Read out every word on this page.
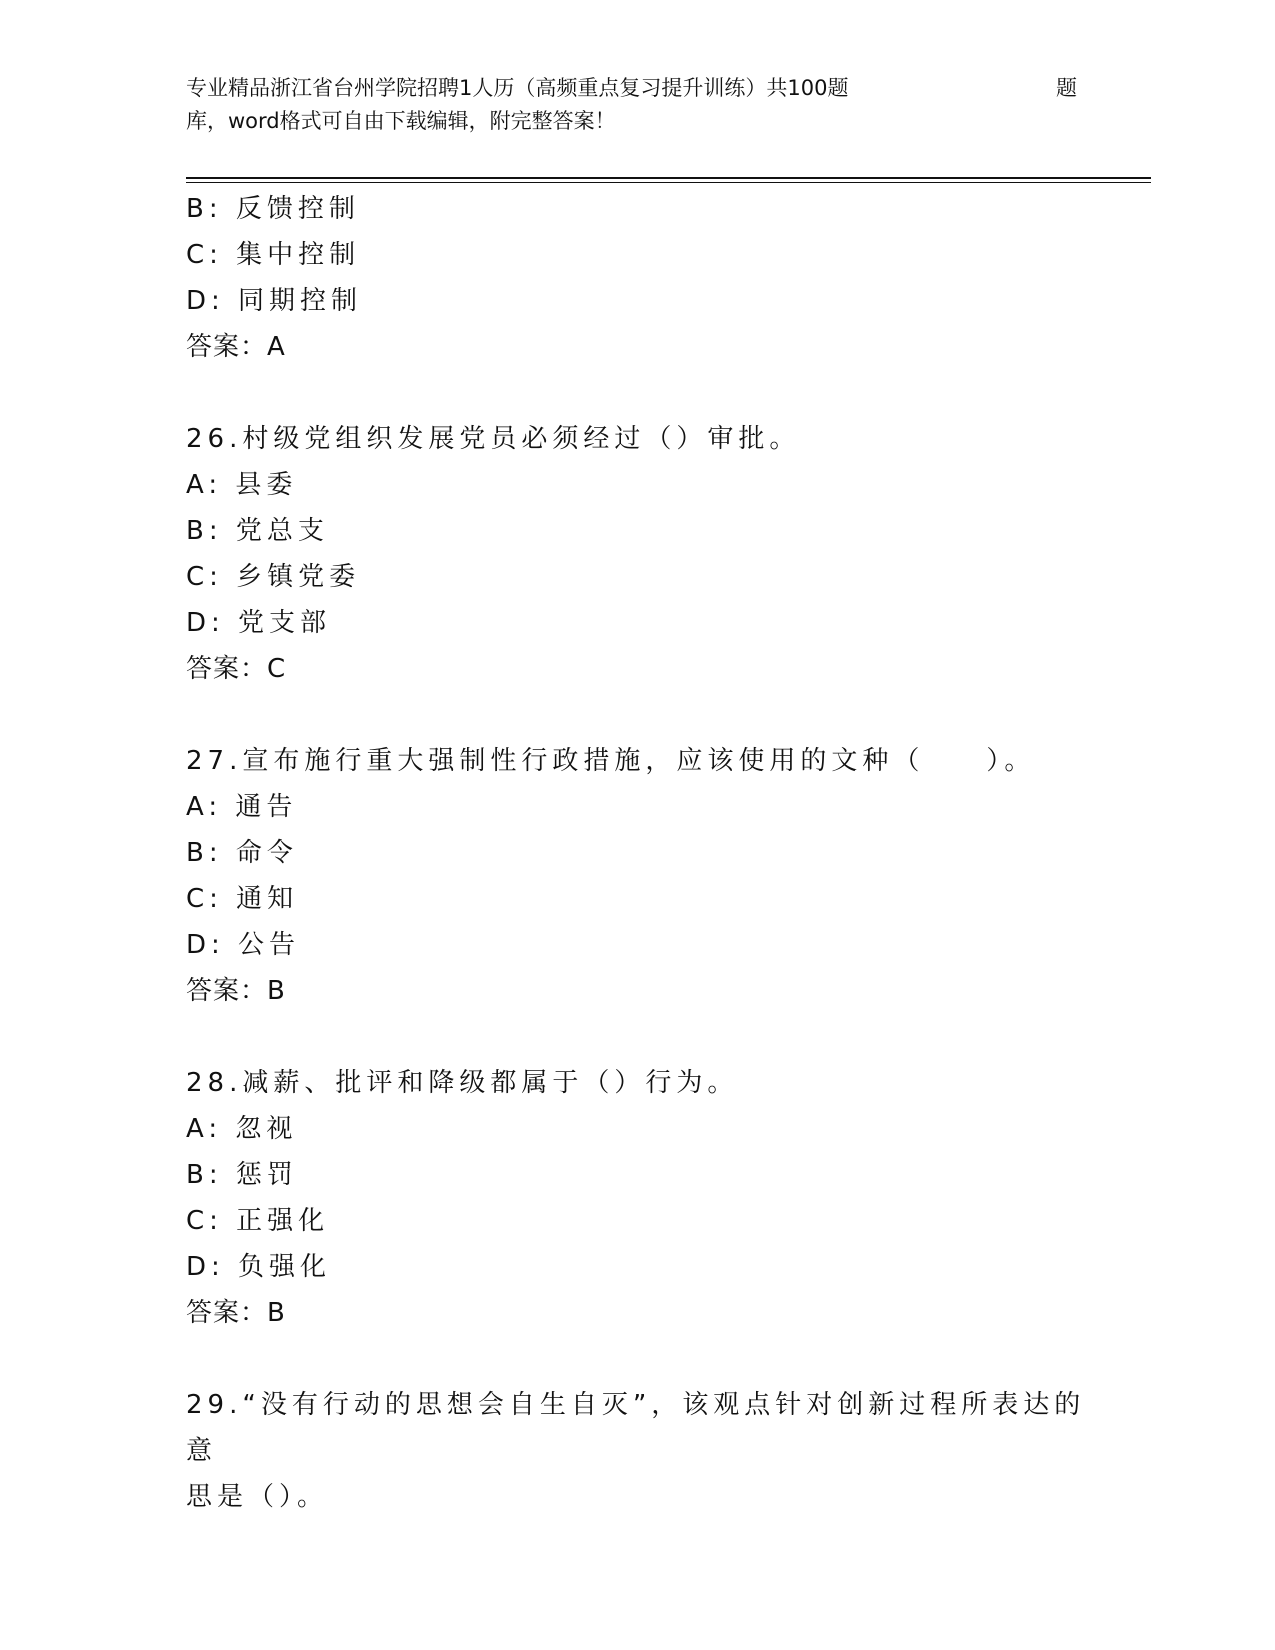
专业精品浙江省台州学院招聘1人历（高频重点复习提升训练）共100题	题
库，word格式可自由下载编辑，附完整答案！
B: 反馈控制
C: 集中控制
D: 同期控制
答案：A
26.村级党组织发展党员必须经过（）审批。
A: 县委
B: 党总支
C: 乡镇党委
D: 党支部
答案：C
27.宣布施行重大强制性行政措施，应该使用的文种（　　）。
A: 通告
B: 命令
C: 通知
D: 公告
答案：B
28.减薪、批评和降级都属于（）行为。
A: 忽视
B: 惩罚
C: 正强化
D: 负强化
答案：B
29.“没有行动的思想会自生自灭”，该观点针对创新过程所表达的意
思是（）。
